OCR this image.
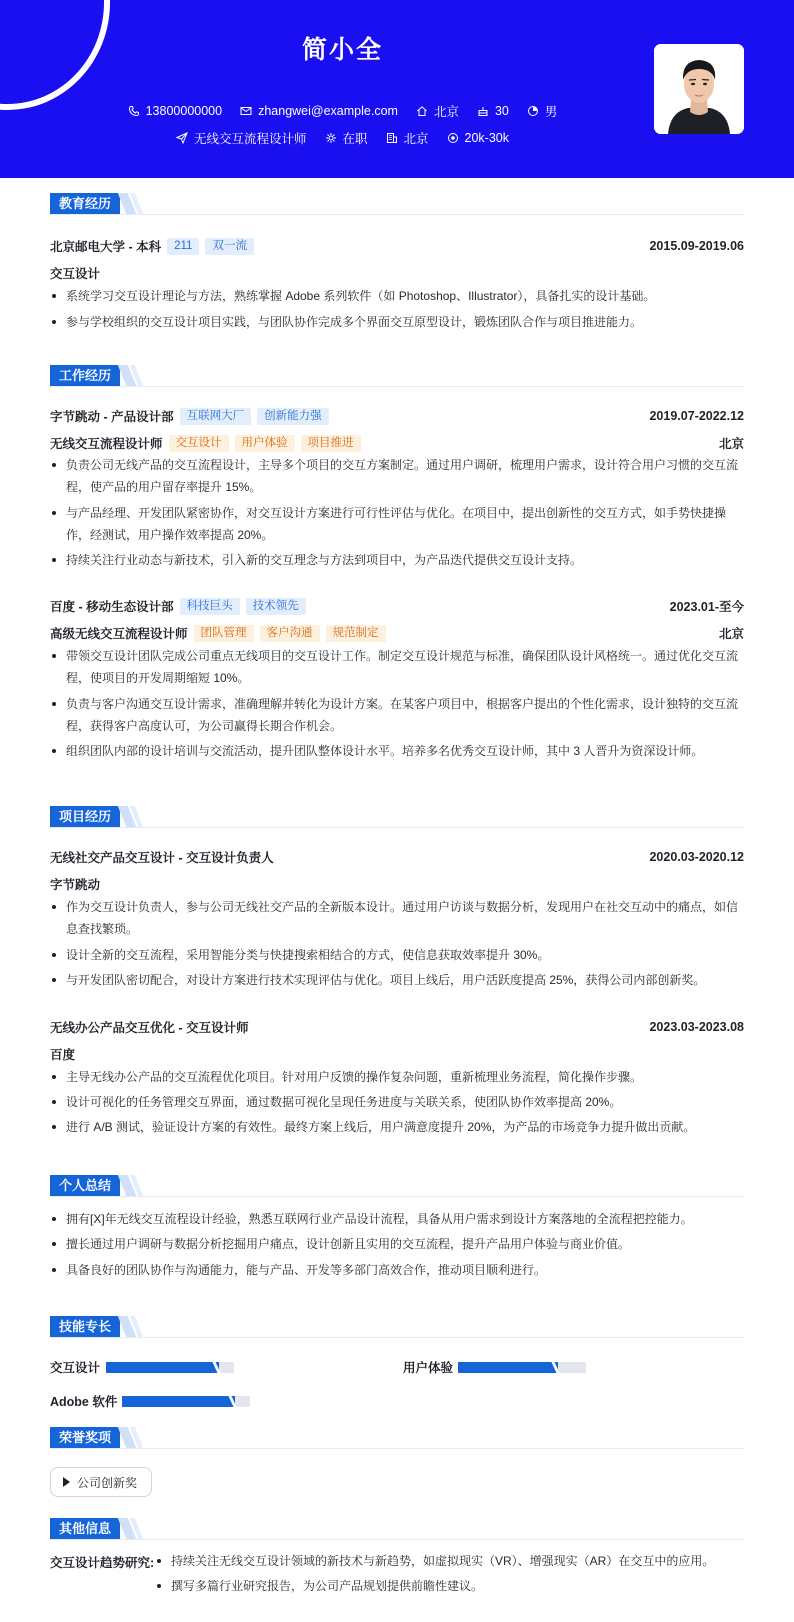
简小全
13800000000	zhangwei@example.com	北京	30	男
无线交互流程设计师	在职	北京	20k-30k
教育经历
北京邮电大学 - 本科	211	双一流	2015.09-2019.06
交互设计
系统学习交互设计理论与方法，熟练掌握 Adobe 系列软件（如 Photoshop、Illustrator），具备扎实的设计基础。
参与学校组织的交互设计项目实践，与团队协作完成多个界面交互原型设计，锻炼团队合作与项目推进能力。
工作经历
字节跳动 - 产品设计部	互联网大厂	创新能力强	2019.07-2022.12
无线交互流程设计师	交互设计	用户体验	项目推进	北京
负责公司无线产品的交互流程设计，主导多个项目的交互方案制定。通过用户调研，梳理用户需求，设计符合用户习惯的交互流程，使产品的用户留存率提升 15%。
与产品经理、开发团队紧密协作，对交互设计方案进行可行性评估与优化。在项目中，提出创新性的交互方式，如手势快捷操作，经测试，用户操作效率提高 20%。
持续关注行业动态与新技术，引入新的交互理念与方法到项目中，为产品迭代提供交互设计支持。
百度 - 移动生态设计部	科技巨头	技术领先	2023.01-至今
高级无线交互流程设计师	团队管理	客户沟通	规范制定	北京
带领交互设计团队完成公司重点无线项目的交互设计工作。制定交互设计规范与标准，确保团队设计风格统一。通过优化交互流程，使项目的开发周期缩短 10%。
负责与客户沟通交互设计需求，准确理解并转化为设计方案。在某客户项目中，根据客户提出的个性化需求，设计独特的交互流程，获得客户高度认可，为公司赢得长期合作机会。
组织团队内部的设计培训与交流活动，提升团队整体设计水平。培养多名优秀交互设计师，其中 3 人晋升为资深设计师。
项目经历
无线社交产品交互设计 - 交互设计负责人	2020.03-2020.12
字节跳动
作为交互设计负责人，参与公司无线社交产品的全新版本设计。通过用户访谈与数据分析，发现用户在社交互动中的痛点，如信息查找繁琐。
设计全新的交互流程，采用智能分类与快捷搜索相结合的方式，使信息获取效率提升 30%。
与开发团队密切配合，对设计方案进行技术实现评估与优化。项目上线后，用户活跃度提高 25%，获得公司内部创新奖。
无线办公产品交互优化 - 交互设计师	2023.03-2023.08
百度
主导无线办公产品的交互流程优化项目。针对用户反馈的操作复杂问题，重新梳理业务流程，简化操作步骤。
设计可视化的任务管理交互界面，通过数据可视化呈现任务进度与关联关系，使团队协作效率提高 20%。
进行 A/B 测试，验证设计方案的有效性。最终方案上线后，用户满意度提升 20%，为产品的市场竞争力提升做出贡献。
个人总结
拥有[X]年无线交互流程设计经验，熟悉互联网行业产品设计流程，具备从用户需求到设计方案落地的全流程把控能力。
擅长通过用户调研与数据分析挖掘用户痛点，设计创新且实用的交互流程，提升产品用户体验与商业价值。
具备良好的团队协作与沟通能力，能与产品、开发等多部门高效合作，推动项目顺利进行。
技能专长
交互设计	用户体验
Adobe 软件
荣誉奖项
公司创新奖
其他信息
交互设计趋势研究:	持续关注无线交互设计领域的新技术与新趋势，如虚拟现实（VR）、增强现实（AR）在交互中的应用。
撰写多篇行业研究报告，为公司产品规划提供前瞻性建议。
